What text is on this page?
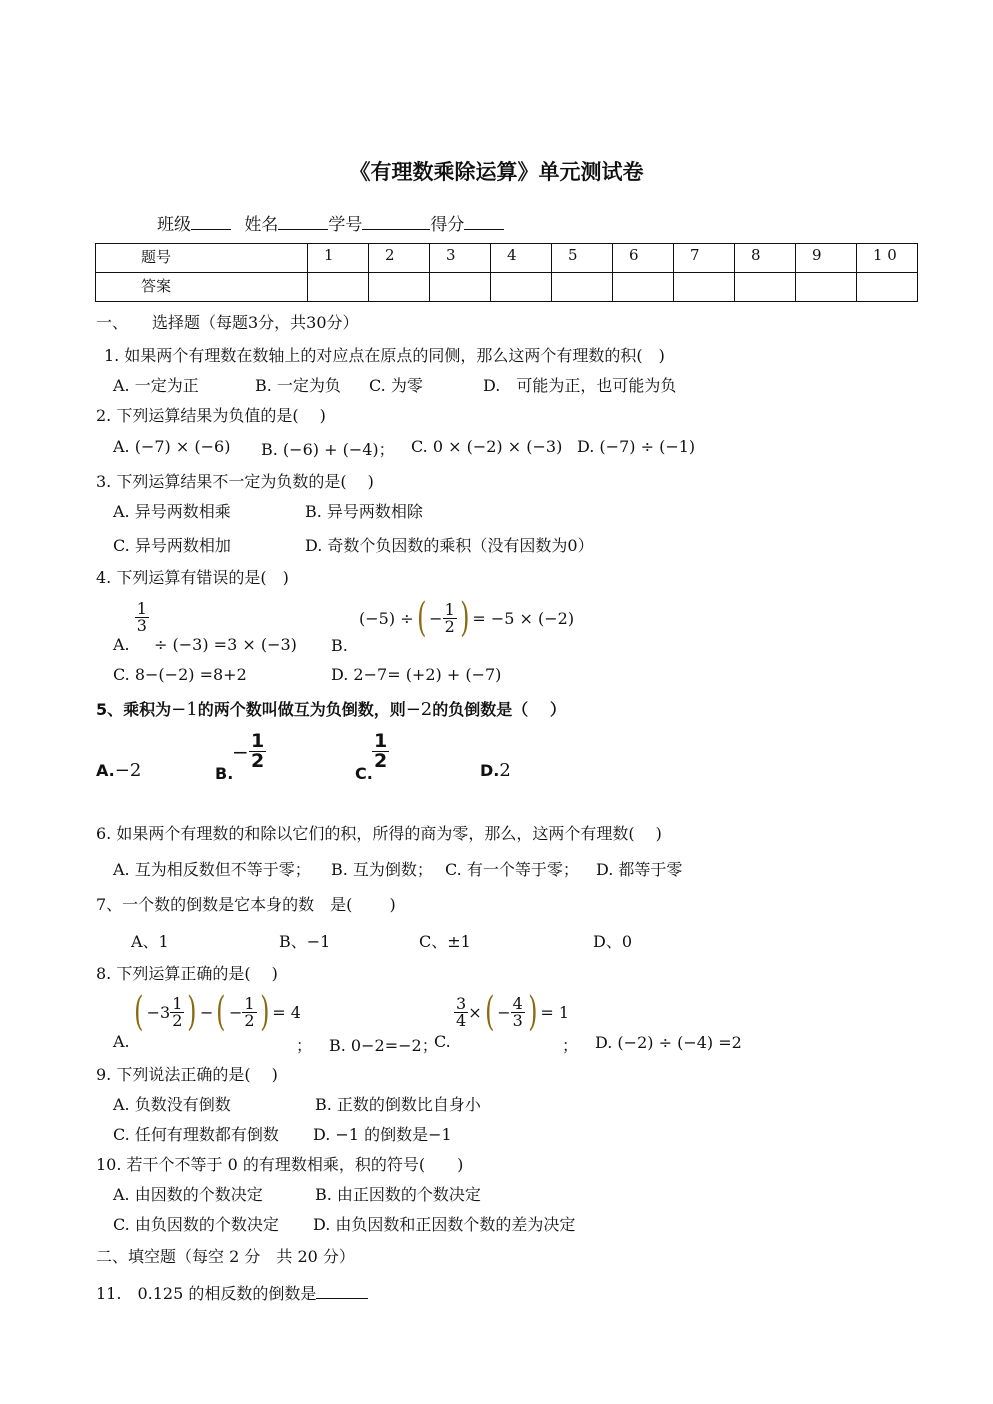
《有理数乘除运算》单元测试卷
班级	姓名	学号	得分
题号	1	2	3	4	5	6	7	8	9	1 0
答案										
一、　　选择题（每题3分，共30分）
1. 如果两个有理数在数轴上的对应点在原点的同侧，那么这两个有理数的积(　)
A. 一定为正	B. 一定为负 C. 为零	D.　可能为正，也可能为负
2. 下列运算结果为负值的是(　 )
A. (−7) × (−6) B. (−6) + (−4)； C. 0 × (−2) × (−3) D. (−7) ÷ (−1)
3. 下列运算结果不一定为负数的是(　 )
A. 异号两数相乘	B. 异号两数相除
C. 异号两数相加	D. 奇数个负因数的乘积（没有因数为0）
4. 下列运算有错误的是(　)
A.
$\frac{1}{3}$
÷ (−3) =3 × (−3) B.
(−5) ÷ ( − $\frac{1}{2}$ ) = −5 × (−2)
C. 8−(−2) =8+2	D. 2−7= (+2) + (−7)
5、乘积为−1的两个数叫做互为负倒数，则−2的负倒数是（　 ）
A.−2	B.
− $\frac{1}{2}$
C.
$\frac{1}{2}$	D.2
6. 如果两个有理数的和除以它们的积，所得的商为零，那么，这两个有理数(　 )
A. 互为相反数但不等于零； B. 互为倒数； C. 有一个等于零； D. 都等于零
7、一个数的倒数是它本身的数　是(　　 )
A、1	B、−1	C、±1	D、0
8. 下列运算正确的是(　 )
A.
( $-3 \frac{1}{2}$ ) − ( − $\frac{1}{2}$ ) = 4
； B. 0−2=−2；
C.
$\frac{3}{4}$ × ( − $\frac{4}{3}$ ) = 1
； D. (−2) ÷ (−4) =2
9. 下列说法正确的是(　 )
A. 负数没有倒数	B. 正数的倒数比自身小
C. 任何有理数都有倒数 D. −1 的倒数是−1
10. 若干个不等于 0 的有理数相乘，积的符号(　　)
A. 由因数的个数决定	B. 由正因数的个数决定
C. 由负因数的个数决定 D. 由负因数和正因数个数的差为决定
二、填空题（每空 2 分　共 20 分）
11.　0.125 的相反数的倒数是
